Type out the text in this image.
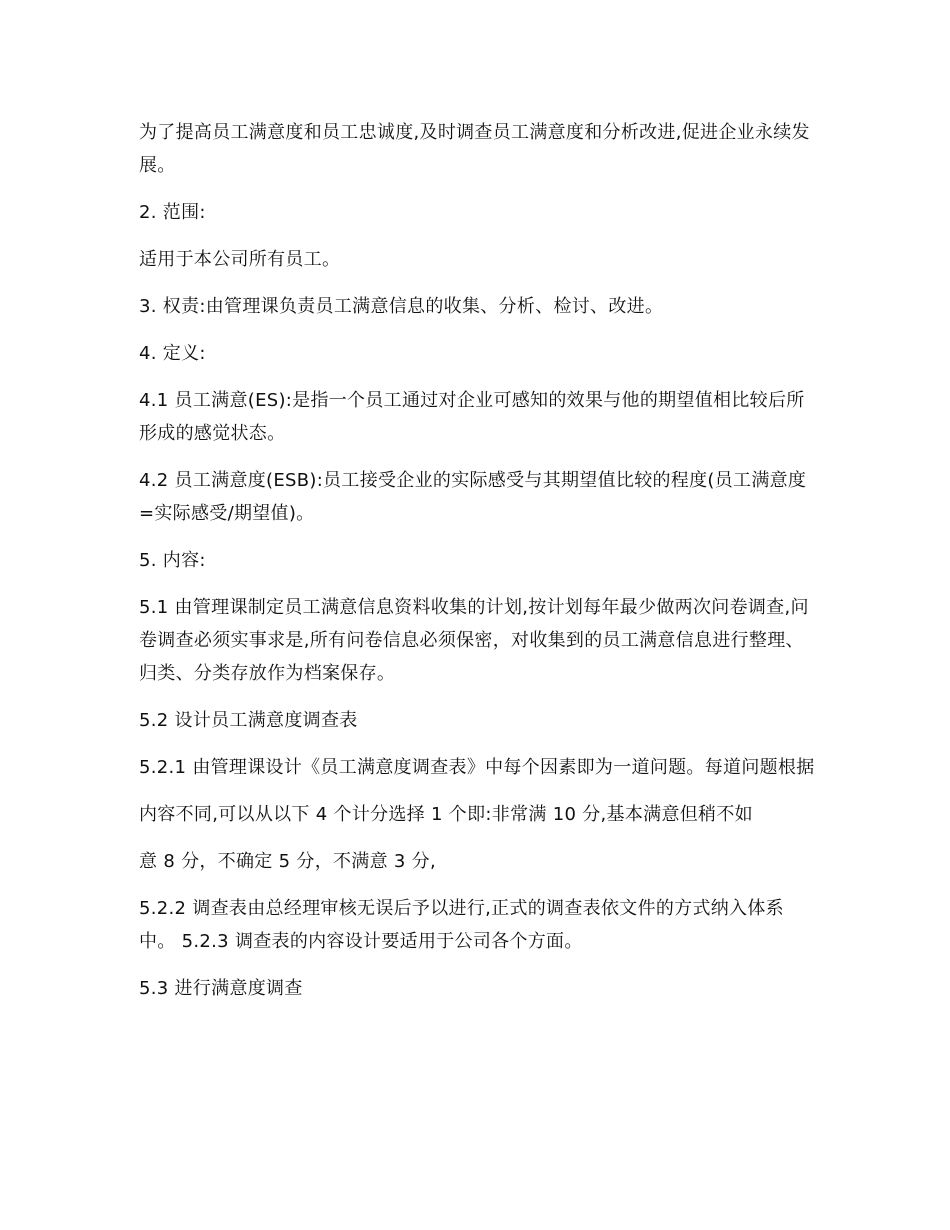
为了提高员工满意度和员工忠诚度,及时调查员工满意度和分析改进,促进企业永续发展。

2. 范围:

适用于本公司所有员工。

3. 权责:由管理课负责员工满意信息的收集、分析、检讨、改进。

4. 定义:

4.1 员工满意(ES):是指一个员工通过对企业可感知的效果与他的期望值相比较后所形成的感觉状态。

4.2 员工满意度(ESB):员工接受企业的实际感受与其期望值比较的程度(员工满意度=实际感受/期望值)。

5. 内容:

5.1 由管理课制定员工满意信息资料收集的计划,按计划每年最少做两次问卷调查,问卷调查必须实事求是,所有问卷信息必须保密，对收集到的员工满意信息进行整理、归类、分类存放作为档案保存。

5.2 设计员工满意度调查表

5.2.1 由管理课设计《员工满意度调查表》中每个因素即为一道问题。每道问题根据

内容不同,可以从以下 4 个计分选择 1 个即:非常满 10 分,基本满意但稍不如

意 8 分，不确定 5 分，不满意 3 分,

5.2.2 调查表由总经理审核无误后予以进行,正式的调查表依文件的方式纳入体系中。 5.2.3 调查表的内容设计要适用于公司各个方面。

5.3 进行满意度调查
